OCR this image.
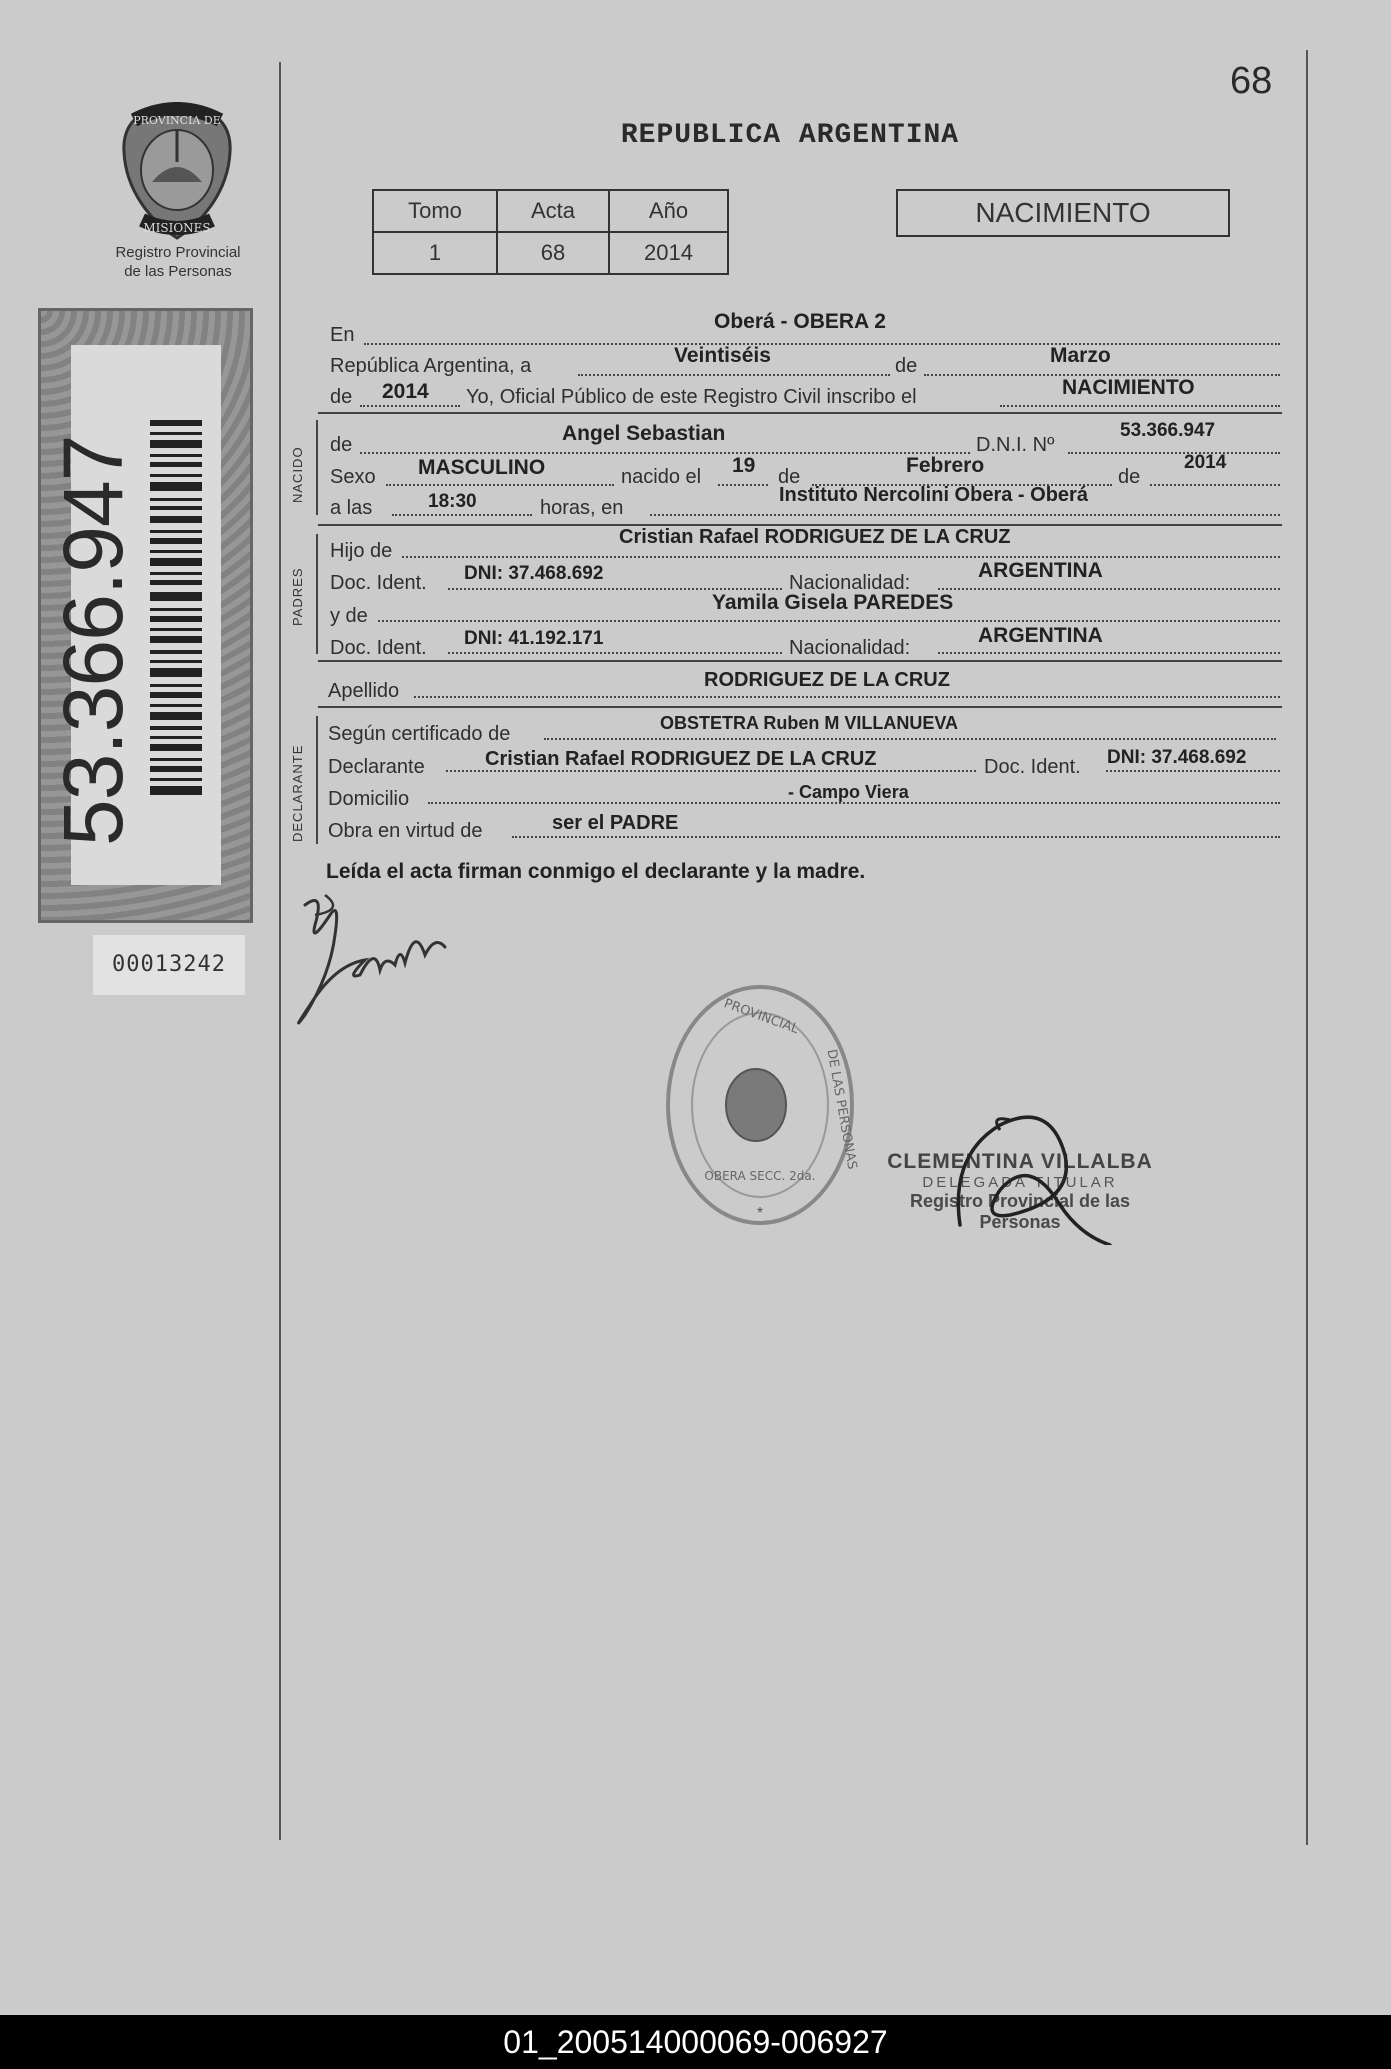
PROVINCIA DE
MISIONES
Registro Provincial
de las Personas
53.366.947
00013242
68
REPUBLICA ARGENTINA
Tomo	Acta	Año
1	68	2014
NACIMIENTO
En
Oberá - OBERA 2
República Argentina, a	Veintiséis	de	Marzo
de 2014 Yo, Oficial Público de este Registro Civil inscribo el	NACIMIENTO
NACIDO
de	Angel Sebastian	D.N.I. Nº
53.366.947
Sexo MASCULINO	nacido el 19 de	Febrero	de
2014
a las	18:30	horas, en
Instituto Nercolini Obera - Oberá
PADRES
Hijo de
Cristian Rafael RODRIGUEZ DE LA CRUZ
Doc. Ident. DNI: 37.468.692	Nacionalidad:
ARGENTINA
y de
Yamila Gisela PAREDES
Doc. Ident. DNI: 41.192.171	Nacionalidad:
ARGENTINA
Apellido	RODRIGUEZ DE LA CRUZ
DECLARANTE
Según certificado de	OBSTETRA Ruben M VILLANUEVA
Declarante	Cristian Rafael RODRIGUEZ DE LA CRUZ	Doc. Ident. DNI: 37.468.692
Domicilio	- Campo Viera
Obra en virtud de	ser el PADRE
Leída el acta firman conmigo el declarante y la madre.
PROVINCIAL
DE LAS PERSONAS
OBERA SECC. 2da.
*
CLEMENTINA VILLALBA
DELEGADA TITULAR
Registro Provincial de las Personas
01_200514000069-006927
